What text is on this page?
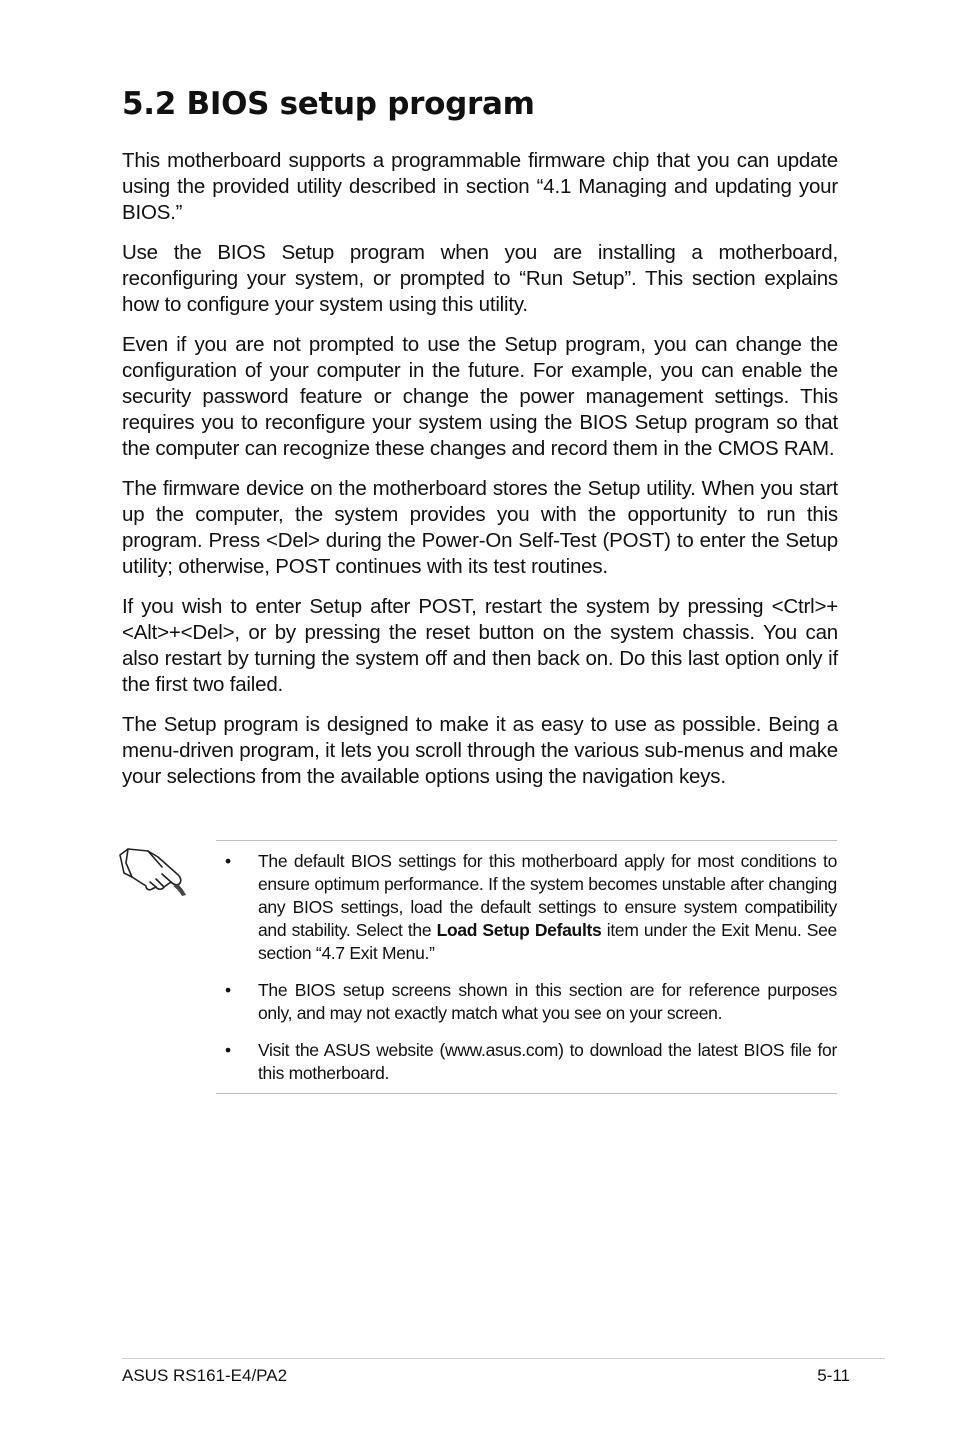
5.2 BIOS setup program

This motherboard supports a programmable firmware chip that you can update using the provided utility described in section “4.1 Managing and updating your BIOS.”

Use the BIOS Setup program when you are installing a motherboard, reconfiguring your system, or prompted to “Run Setup”. This section explains how to configure your system using this utility.

Even if you are not prompted to use the Setup program, you can change the configuration of your computer in the future. For example, you can enable the security password feature or change the power management settings. This requires you to reconfigure your system using the BIOS Setup program so that the computer can recognize these changes and record them in the CMOS RAM.

The firmware device on the motherboard stores the Setup utility. When you start up the computer, the system provides you with the opportunity to run this program. Press <Del> during the Power-On Self-Test (POST) to enter the Setup utility; otherwise, POST continues with its test routines.

If you wish to enter Setup after POST, restart the system by pressing <Ctrl>+<Alt>+<Del>, or by pressing the reset button on the system chassis. You can also restart by turning the system off and then back on. Do this last option only if the first two failed.

The Setup program is designed to make it as easy to use as possible. Being a menu-driven program, it lets you scroll through the various sub-menus and make your selections from the available options using the navigation keys.

• The default BIOS settings for this motherboard apply for most conditions to ensure optimum performance. If the system becomes unstable after changing any BIOS settings, load the default settings to ensure system compatibility and stability. Select the Load Setup Defaults item under the Exit Menu. See section “4.7 Exit Menu.”
• The BIOS setup screens shown in this section are for reference purposes only, and may not exactly match what you see on your screen.
• Visit the ASUS website (www.asus.com) to download the latest BIOS file for this motherboard.
ASUS RS161-E4/PA2	5-11
